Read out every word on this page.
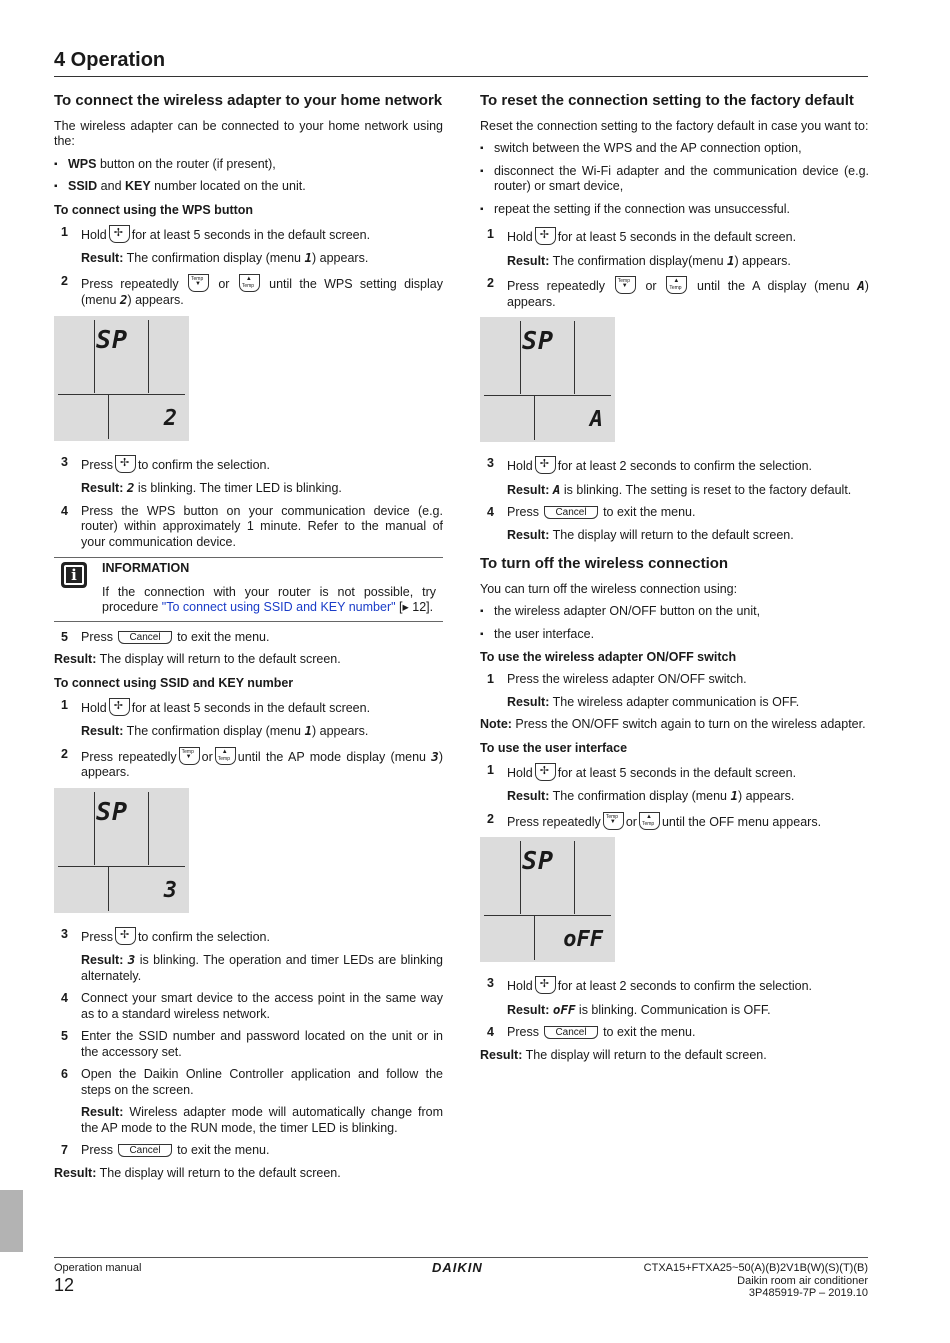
4 Operation
To connect the wireless adapter to your home network

The wireless adapter can be connected to your home network using the:

▪ WPS button on the router (if present),
▪ SSID and KEY number located on the unit.
To connect using the WPS button
1	Hold ✢ for at least 5 seconds in the default screen.
Result: The confirmation display (menu 1) appears.
2	Press repeatedly Temp ▼	or Temp ▲	until the WPS setting display (menu 2) appears.
SP
2
3	Press ✢ to confirm the selection.
Result: 2 is blinking. The timer LED is blinking.
4	Press the WPS button on your communication device (e.g. router) within approximately 1 minute. Refer to the manual of your communication device.
i	INFORMATION

If the connection with your router is not possible, try procedure "To connect using SSID and KEY number" [▸ 12].

5	Press Cancel to exit the menu.
Result: The display will return to the default screen.
To connect using SSID and KEY number
1	Hold ✢ for at least 5 seconds in the default screen.
Result: The confirmation display (menu 1) appears.
2	Press repeatedly Temp ▼ or Temp ▲ until the AP mode display (menu 3) appears.
SP
3
3	Press ✢ to confirm the selection.
Result: 3 is blinking. The operation and timer LEDs are blinking alternately.
4	Connect your smart device to the access point in the same way as to a standard wireless network.
5	Enter the SSID number and password located on the unit or in the accessory set.
6	Open the Daikin Online Controller application and follow the steps on the screen.
Result: Wireless adapter mode will automatically change from the AP mode to the RUN mode, the timer LED is blinking.
7	Press Cancel to exit the menu.
Result: The display will return to the default screen.
To reset the connection setting to the factory default

Reset the connection setting to the factory default in case you want to:

▪ switch between the WPS and the AP connection option,
▪ disconnect the Wi-Fi adapter and the communication device (e.g. router) or smart device,
▪ repeat the setting if the connection was unsuccessful.
1	Hold ✢ for at least 5 seconds in the default screen.
Result: The confirmation display(menu 1) appears.
2	Press repeatedly Temp ▼	or Temp ▲	until the A display (menu A) appears.
SP
A
3	Hold ✢ for at least 2 seconds to confirm the selection.
Result: A is blinking. The setting is reset to the factory default.
4	Press Cancel to exit the menu.
Result: The display will return to the default screen.
To turn off the wireless connection

You can turn off the wireless connection using:

▪ the wireless adapter ON/OFF button on the unit,
▪ the user interface.
To use the wireless adapter ON/OFF switch
1	Press the wireless adapter ON/OFF switch.
Result: The wireless adapter communication is OFF.

Note: Press the ON/OFF switch again to turn on the wireless adapter.

To use the user interface
1	Hold ✢ for at least 5 seconds in the default screen.
Result: The confirmation display (menu 1) appears.
2	Press repeatedly Temp ▼ or Temp ▲ until the OFF menu appears.
SP
oFF
3	Hold ✢ for at least 2 seconds to confirm the selection.
Result: oFF is blinking. Communication is OFF.
4	Press Cancel to exit the menu.
Result: The display will return to the default screen.
Operation manual
12
DAIKIN	CTXA15+FTXA25~50(A)(B)2V1B(W)(S)(T)(B)
Daikin room air conditioner
3P485919-7P – 2019.10
